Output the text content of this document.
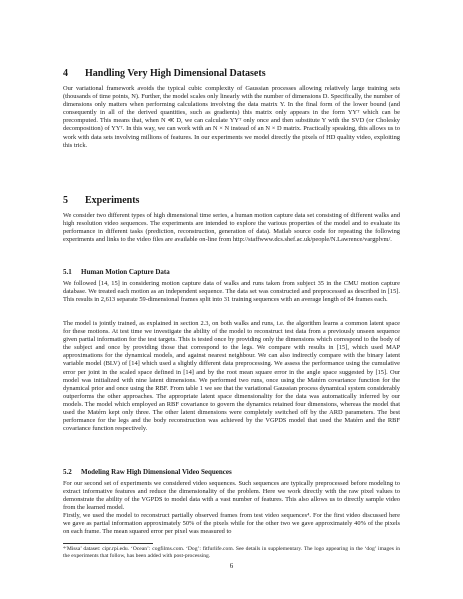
4 Handling Very High Dimensional Datasets

Our variational framework avoids the typical cubic complexity of Gaussian processes allowing relatively large training sets (thousands of time points, N). Further, the model scales only linearly with the number of dimensions D. Specifically, the number of dimensions only matters when performing calculations involving the data matrix Y. In the final form of the lower bound (and consequently in all of the derived quantities, such as gradients) this matrix only appears in the form YYᵀ which can be precomputed. This means that, when N ≪ D, we can calculate YYᵀ only once and then substitute Y with the SVD (or Cholesky decomposition) of YYᵀ. In this way, we can work with an N × N instead of an N × D matrix. Practically speaking, this allows us to work with data sets involving millions of features. In our experiments we model directly the pixels of HD quality video, exploiting this trick.

5 Experiments

We consider two different types of high dimensional time series, a human motion capture data set consisting of different walks and high resolution video sequences. The experiments are intended to explore the various properties of the model and to evaluate its performance in different tasks (prediction, reconstruction, generation of data). Matlab source code for repeating the following experiments and links to the video files are available on-line from http://staffwww.dcs.shef.ac.uk/people/N.Lawrence/vargplvm/.

5.1 Human Motion Capture Data

We followed [14, 15] in considering motion capture data of walks and runs taken from subject 35 in the CMU motion capture database. We treated each motion as an independent sequence. The data set was constructed and preprocessed as described in [15]. This results in 2,613 separate 59-dimensional frames split into 31 training sequences with an average length of 84 frames each.

The model is jointly trained, as explained in section 2.3, on both walks and runs, i.e. the algorithm learns a common latent space for these motions. At test time we investigate the ability of the model to reconstruct test data from a previously unseen sequence given partial information for the test targets. This is tested once by providing only the dimensions which correspond to the body of the subject and once by providing those that correspond to the legs. We compare with results in [15], which used MAP approximations for the dynamical models, and against nearest neighbour. We can also indirectly compare with the binary latent variable model (BLV) of [14] which used a slightly different data preprocessing. We assess the performance using the cumulative error per joint in the scaled space defined in [14] and by the root mean square error in the angle space suggested by [15]. Our model was initialized with nine latent dimensions. We performed two runs, once using the Matérn covariance function for the dynamical prior and once using the RBF. From table 1 we see that the variational Gaussian process dynamical system considerably outperforms the other approaches. The appropriate latent space dimensionality for the data was automatically inferred by our models. The model which employed an RBF covariance to govern the dynamics retained four dimensions, whereas the model that used the Matérn kept only three. The other latent dimensions were completely switched off by the ARD parameters. The best performance for the legs and the body reconstruction was achieved by the VGPDS model that used the Matérn and the RBF covariance function respectively.

5.2 Modeling Raw High Dimensional Video Sequences

For our second set of experiments we considered video sequences. Such sequences are typically preprocessed before modeling to extract informative features and reduce the dimensionality of the problem. Here we work directly with the raw pixel values to demonstrate the ability of the VGPDS to model data with a vast number of features. This also allows us to directly sample video from the learned model.

Firstly, we used the model to reconstruct partially observed frames from test video sequences⁴. For the first video discussed here we gave as partial information approximately 50% of the pixels while for the other two we gave approximately 40% of the pixels on each frame. The mean squared error per pixel was measured to

⁴‘Missa’ dataset: cipr.rpi.edu. ‘Ocean’: cogfilms.com. ‘Dog’: fitfurlife.com. See details in supplementary. The logo appearing in the ‘dog’ images in the experiments that follow, has been added with post-processing.

6
